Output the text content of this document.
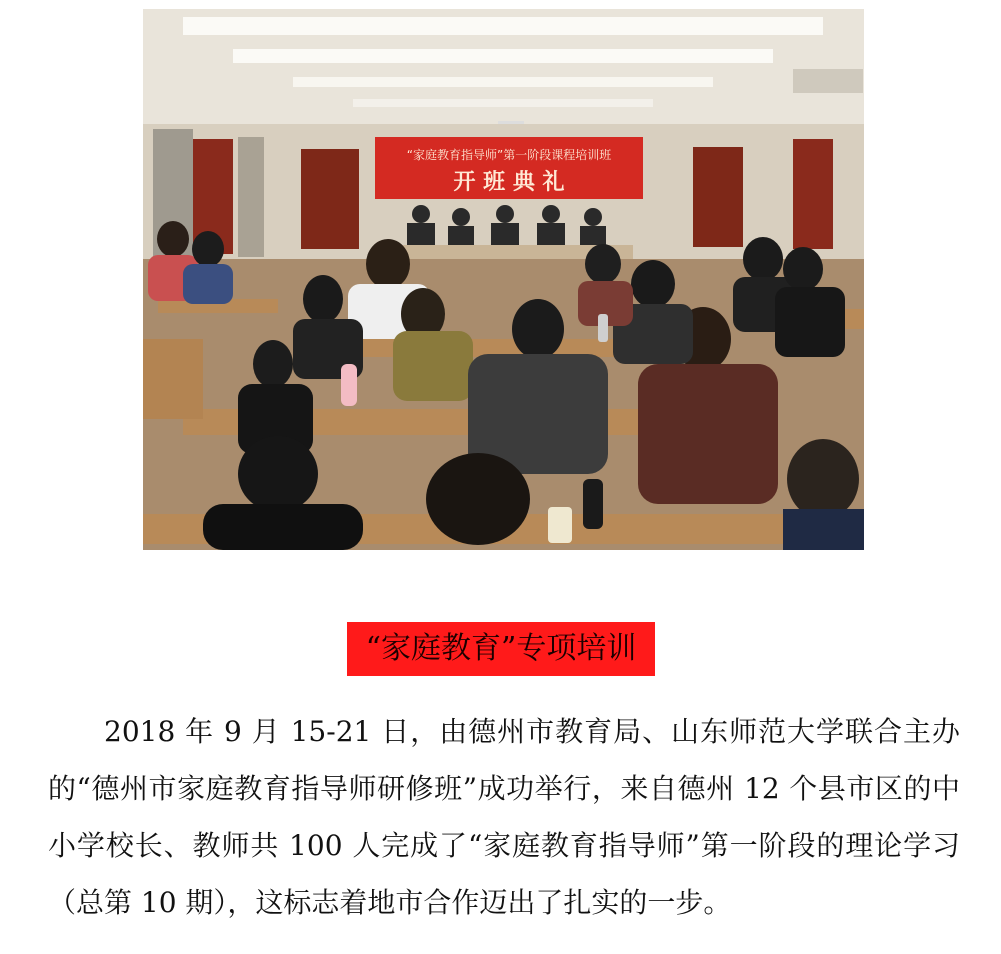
“家庭教育指导师”第一阶段课程培训班
开 班 典 礼
“家庭教育”专项培训

2018 年 9 月 15-21 日，由德州市教育局、山东师范大学联合主办的“德州市家庭教育指导师研修班”成功举行，来自德州 12 个县市区的中小学校长、教师共 100 人完成了“家庭教育指导师”第一阶段的理论学习（总第 10 期），这标志着地市合作迈出了扎实的一步。
